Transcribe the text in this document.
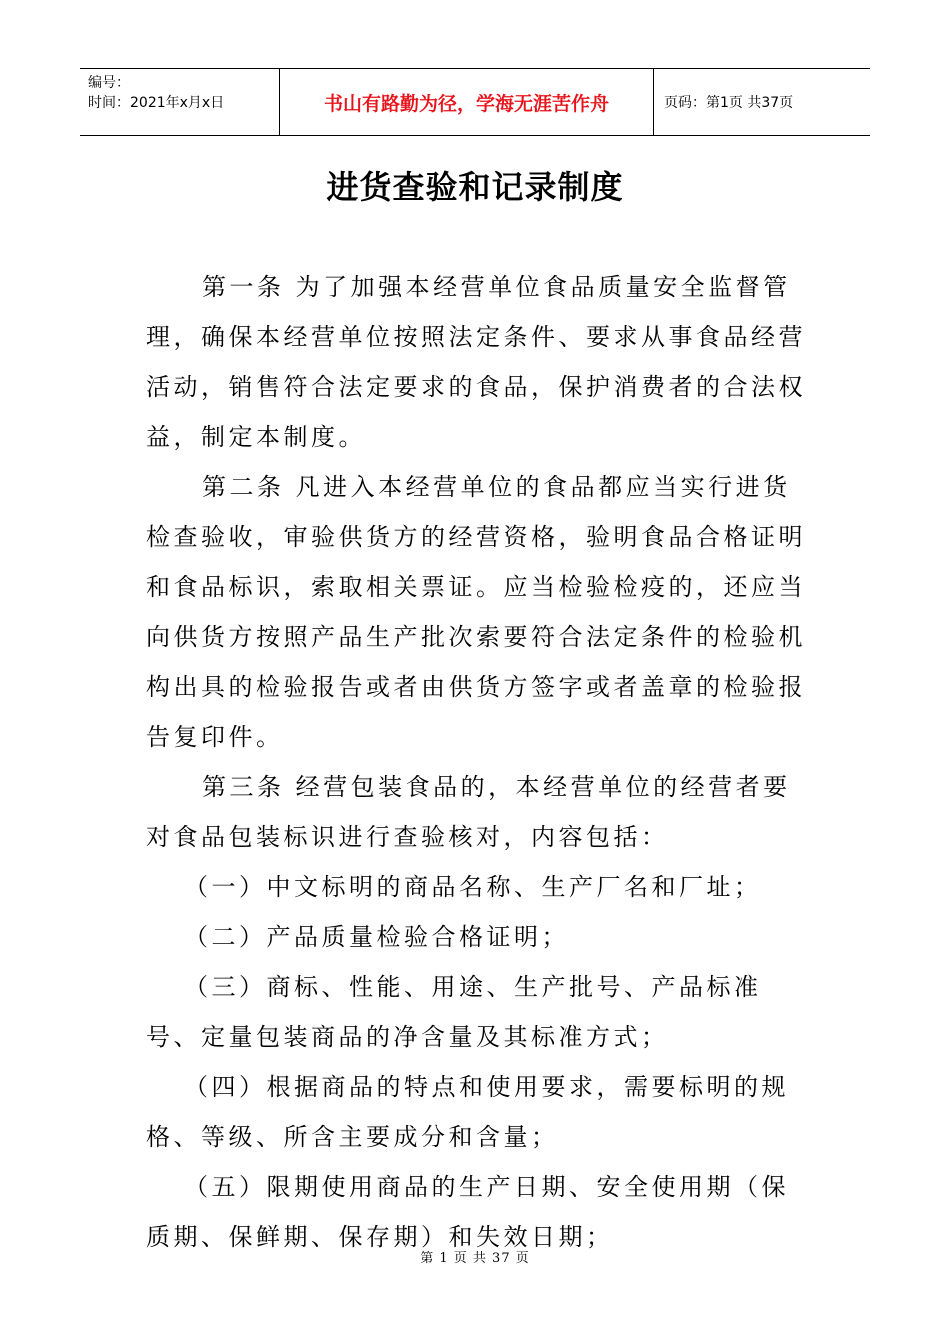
编号：
时间：2021年x月x日	书山有路勤为径，学海无涯苦作舟	页码：第1页 共37页
进货查验和记录制度

第一条 为了加强本经营单位食品质量安全监督管理，确保本经营单位按照法定条件、要求从事食品经营活动，销售符合法定要求的食品，保护消费者的合法权益，制定本制度。

第二条 凡进入本经营单位的食品都应当实行进货检查验收，审验供货方的经营资格，验明食品合格证明和食品标识，索取相关票证。应当检验检疫的，还应当向供货方按照产品生产批次索要符合法定条件的检验机构出具的检验报告或者由供货方签字或者盖章的检验报告复印件。

第三条 经营包装食品的，本经营单位的经营者要对食品包装标识进行查验核对，内容包括：

（一）中文标明的商品名称、生产厂名和厂址；

（二）产品质量检验合格证明；

（三）商标、性能、用途、生产批号、产品标准号、定量包装商品的净含量及其标准方式；

（四）根据商品的特点和使用要求，需要标明的规格、等级、所含主要成分和含量；

（五）限期使用商品的生产日期、安全使用期（保质期、保鲜期、保存期）和失效日期；

第 1 页 共 37 页
